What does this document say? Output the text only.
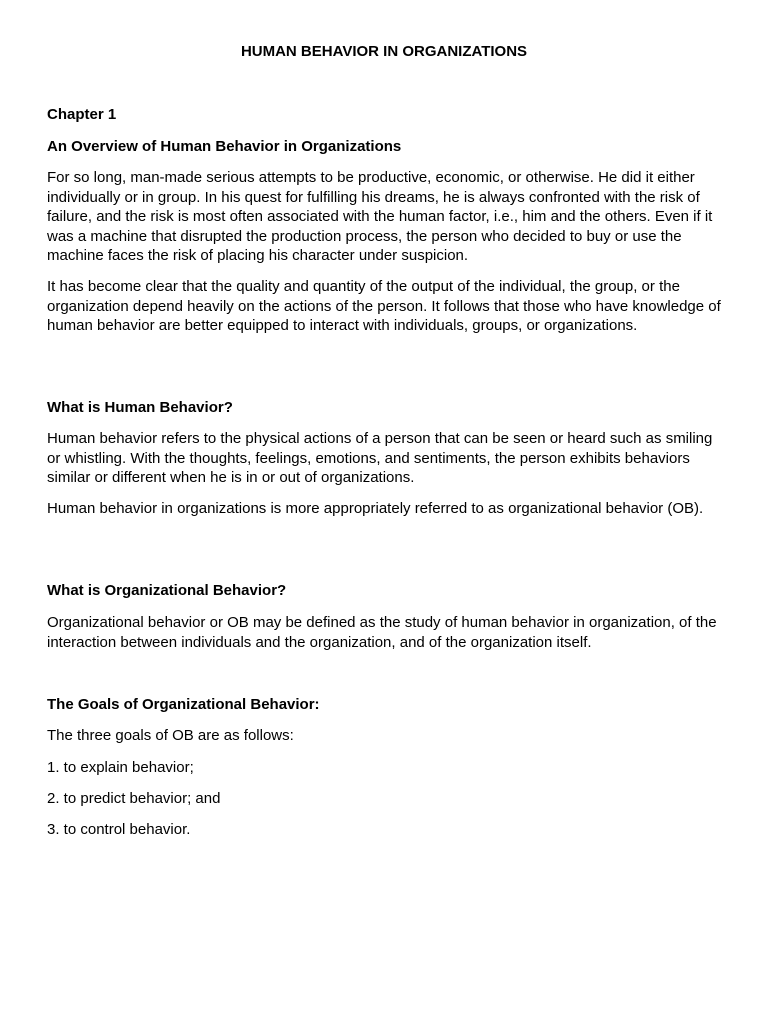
HUMAN BEHAVIOR IN ORGANIZATIONS

Chapter 1

An Overview of Human Behavior in Organizations

For so long, man-made serious attempts to be productive, economic, or otherwise. He did it either individually or in group. In his quest for fulfilling his dreams, he is always confronted with the risk of failure, and the risk is most often associated with the human factor, i.e., him and the others. Even if it was a machine that disrupted the production process, the person who decided to buy or use the machine faces the risk of placing his character under suspicion.

It has become clear that the quality and quantity of the output of the individual, the group, or the organization depend heavily on the actions of the person. It follows that those who have knowledge of human behavior are better equipped to interact with individuals, groups, or organizations.

What is Human Behavior?

Human behavior refers to the physical actions of a person that can be seen or heard such as smiling or whistling. With the thoughts, feelings, emotions, and sentiments, the person exhibits behaviors similar or different when he is in or out of organizations.

Human behavior in organizations is more appropriately referred to as organizational behavior (OB).

What is Organizational Behavior?

Organizational behavior or OB may be defined as the study of human behavior in organization, of the interaction between individuals and the organization, and of the organization itself.

The Goals of Organizational Behavior:

The three goals of OB are as follows:

1. to explain behavior;

2. to predict behavior; and

3. to control behavior.
